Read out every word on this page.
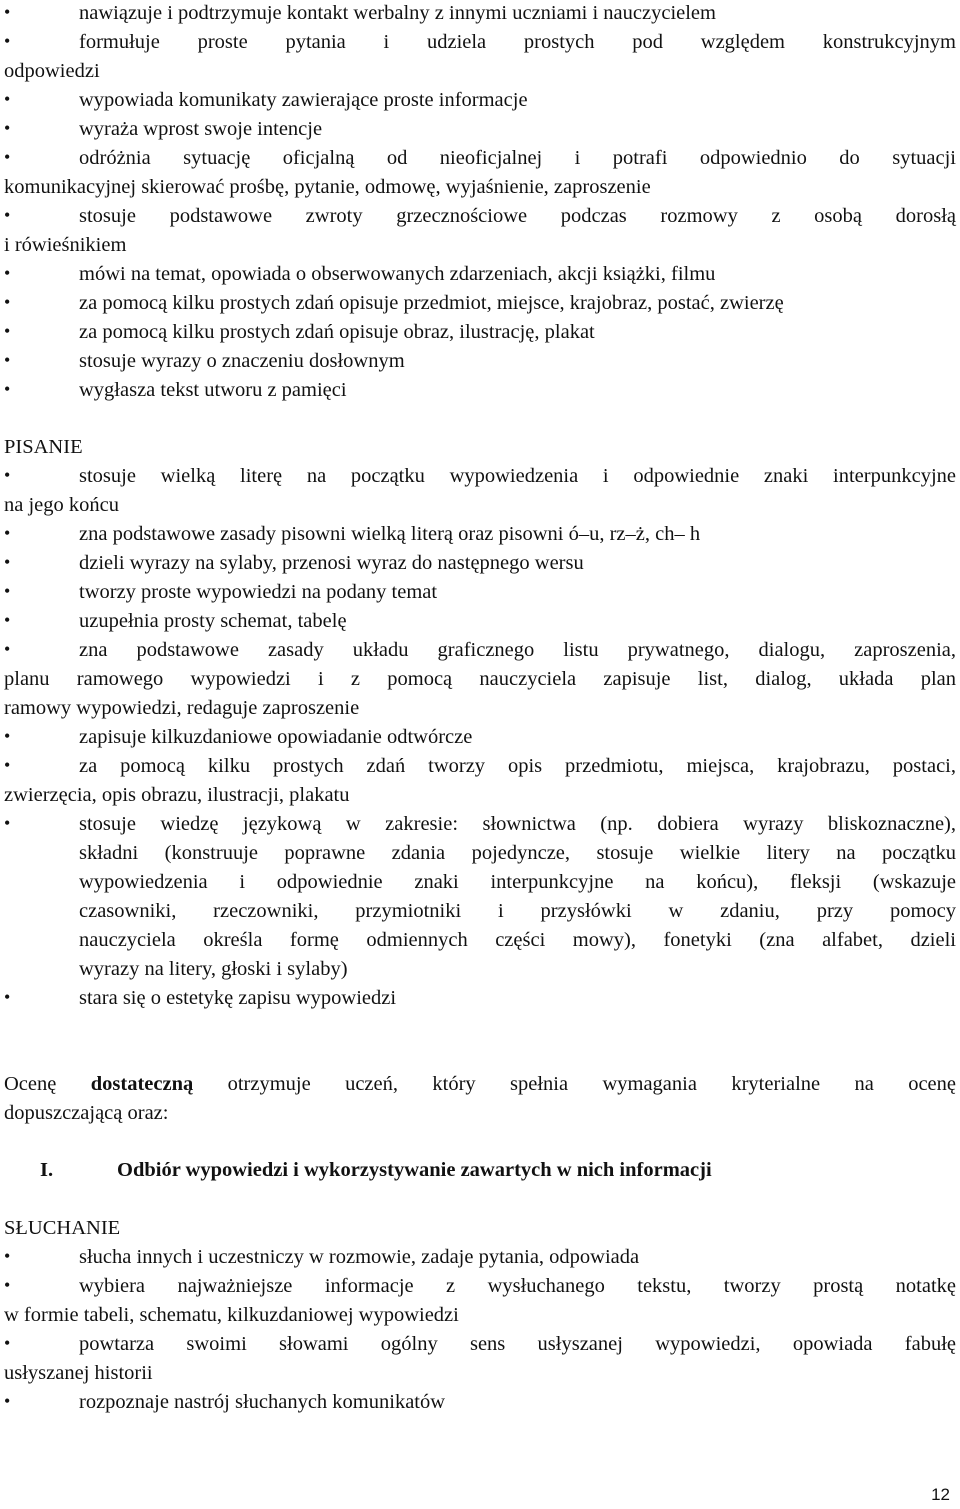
•	nawiązuje i podtrzymuje kontakt werbalny z innymi uczniami i nauczycielem
•	formułuje proste pytania i udziela prostych pod względem konstrukcyjnym
odpowiedzi
•	wypowiada komunikaty zawierające proste informacje
•	wyraża wprost swoje intencje
•	odróżnia sytuację oficjalną od nieoficjalnej i potrafi odpowiednio do sytuacji
komunikacyjnej skierować prośbę, pytanie, odmowę, wyjaśnienie, zaproszenie
•	stosuje podstawowe zwroty grzecznościowe podczas rozmowy z osobą dorosłą
i rówieśnikiem
•	mówi na temat, opowiada o obserwowanych zdarzeniach, akcji książki, filmu
•	za pomocą kilku prostych zdań opisuje przedmiot, miejsce, krajobraz, postać, zwierzę
•	za pomocą kilku prostych zdań opisuje obraz, ilustrację, plakat
•	stosuje wyrazy o znaczeniu dosłownym
•	wygłasza tekst utworu z pamięci
PISANIE
•	stosuje wielką literę na początku wypowiedzenia i odpowiednie znaki interpunkcyjne
na jego końcu
•	zna podstawowe zasady pisowni wielką literą oraz pisowni ó–u, rz–ż, ch– h
•	dzieli wyrazy na sylaby, przenosi wyraz do następnego wersu
•	tworzy proste wypowiedzi na podany temat
•	uzupełnia prosty schemat, tabelę
•	zna podstawowe zasady układu graficznego listu prywatnego, dialogu, zaproszenia,
planu ramowego wypowiedzi i z pomocą nauczyciela zapisuje list, dialog, układa plan
ramowy wypowiedzi, redaguje zaproszenie
•	zapisuje kilkuzdaniowe opowiadanie odtwórcze
•	za pomocą kilku prostych zdań tworzy opis przedmiotu, miejsca, krajobrazu, postaci,
zwierzęcia, opis obrazu, ilustracji, plakatu
•	stosuje wiedzę językową w zakresie: słownictwa (np. dobiera wyrazy bliskoznaczne),
składni (konstruuje poprawne zdania pojedyncze, stosuje wielkie litery na początku
wypowiedzenia i odpowiednie znaki interpunkcyjne na końcu), fleksji (wskazuje
czasowniki, rzeczowniki, przymiotniki i przysłówki w zdaniu, przy pomocy
nauczyciela określa formę odmiennych części mowy), fonetyki (zna alfabet, dzieli
wyrazy na litery, głoski i sylaby)
•	stara się o estetykę zapisu wypowiedzi
Ocenę dostateczną otrzymuje uczeń, który spełnia wymagania kryterialne na ocenę
dopuszczającą oraz:
I.	Odbiór wypowiedzi i wykorzystywanie zawartych w nich informacji
SŁUCHANIE
•	słucha innych i uczestniczy w rozmowie, zadaje pytania, odpowiada
•	wybiera najważniejsze informacje z wysłuchanego tekstu, tworzy prostą notatkę
w formie tabeli, schematu, kilkuzdaniowej wypowiedzi
•	powtarza swoimi słowami ogólny sens usłyszanej wypowiedzi, opowiada fabułę
usłyszanej historii
•	rozpoznaje nastrój słuchanych komunikatów
12
